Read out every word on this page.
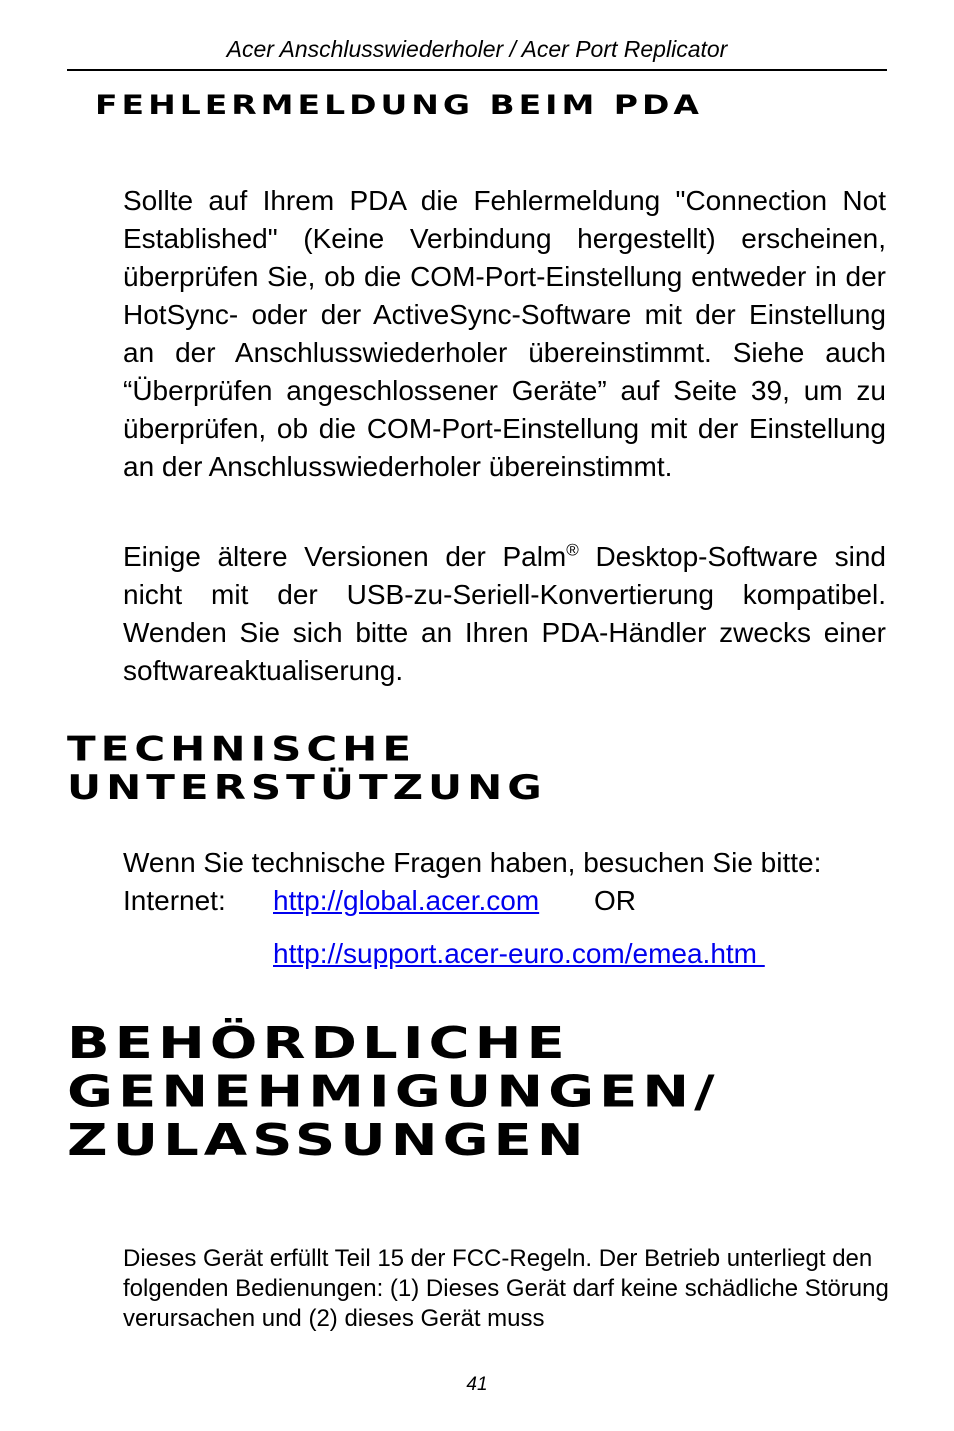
Acer Anschlusswiederholer / Acer Port Replicator
FEHLERMELDUNG BEIM PDA

Sollte auf Ihrem PDA die Fehlermeldung "Connection Not Established" (Keine Verbindung hergestellt) erscheinen, überprüfen Sie, ob die COM-Port-Einstellung entweder in der HotSync- oder der ActiveSync-Software mit der Einstellung an der Anschlusswiederholer übereinstimmt. Siehe auch “Überprüfen angeschlossener Geräte” auf Seite 39, um zu überprüfen, ob die COM-Port-Einstellung mit der Einstellung an der Anschlusswiederholer übereinstimmt.

Einige ältere Versionen der Palm® Desktop-Software sind nicht mit der USB-zu-Seriell-Konvertierung kompatibel. Wenden Sie sich bitte an Ihren PDA-Händler zwecks einer softwareaktualiserung.

TECHNISCHE UNTERSTÜTZUNG

Wenn Sie technische Fragen haben, besuchen Sie bitte:

Internet: http://global.acer.com OR
http://support.acer-euro.com/emea.htm
BEHÖRDLICHE GENEHMIGUNGEN/ ZULASSUNGEN

Dieses Gerät erfüllt Teil 15 der FCC-Regeln. Der Betrieb unterliegt den folgenden Bedienungen: (1) Dieses Gerät darf keine schädliche Störung verursachen und (2) dieses Gerät muss

41
